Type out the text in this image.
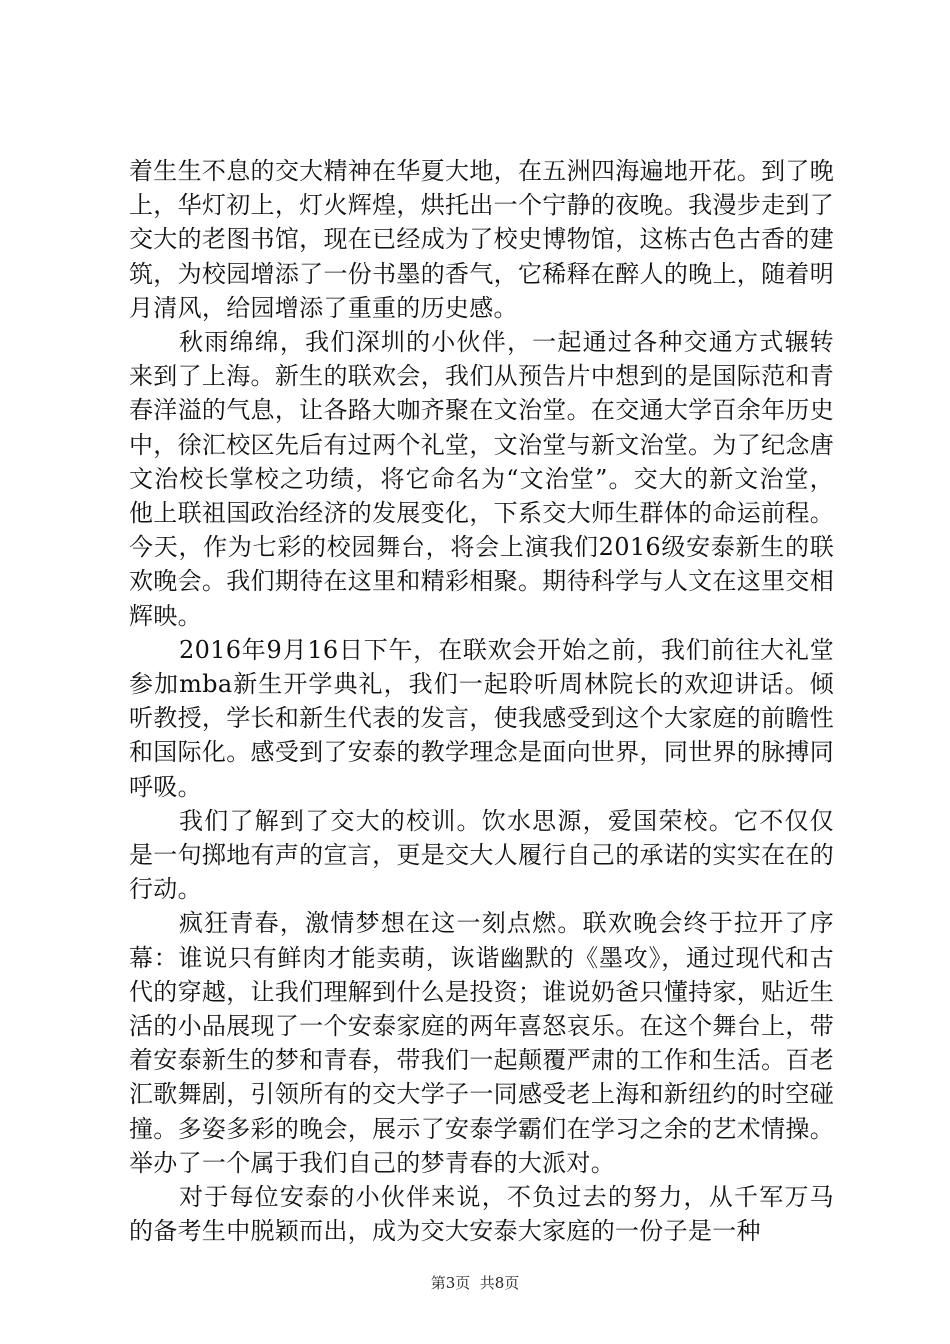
着生生不息的交大精神在华夏大地，在五洲四海遍地开花。到了晚上，华灯初上，灯火辉煌，烘托出一个宁静的夜晚。我漫步走到了交大的老图书馆，现在已经成为了校史博物馆，这栋古色古香的建筑，为校园增添了一份书墨的香气，它稀释在醉人的晚上，随着明月清风，给园增添了重重的历史感。

秋雨绵绵，我们深圳的小伙伴，一起通过各种交通方式辗转来到了上海。新生的联欢会，我们从预告片中想到的是国际范和青春洋溢的气息，让各路大咖齐聚在文治堂。在交通大学百余年历史中，徐汇校区先后有过两个礼堂，文治堂与新文治堂。为了纪念唐文治校长掌校之功绩，将它命名为“文治堂”。交大的新文治堂，他上联祖国政治经济的发展变化，下系交大师生群体的命运前程。今天，作为七彩的校园舞台，将会上演我们2016级安泰新生的联欢晚会。我们期待在这里和精彩相聚。期待科学与人文在这里交相辉映。

2016年9月16日下午，在联欢会开始之前，我们前往大礼堂参加mba新生开学典礼，我们一起聆听周林院长的欢迎讲话。倾听教授，学长和新生代表的发言，使我感受到这个大家庭的前瞻性和国际化。感受到了安泰的教学理念是面向世界，同世界的脉搏同呼吸。

我们了解到了交大的校训。饮水思源，爱国荣校。它不仅仅是一句掷地有声的宣言，更是交大人履行自己的承诺的实实在在的行动。

疯狂青春，激情梦想在这一刻点燃。联欢晚会终于拉开了序幕：谁说只有鲜肉才能卖萌，诙谐幽默的《墨攻》，通过现代和古代的穿越，让我们理解到什么是投资；谁说奶爸只懂持家，贴近生活的小品展现了一个安泰家庭的两年喜怒哀乐。在这个舞台上，带着安泰新生的梦和青春，带我们一起颠覆严肃的工作和生活。百老汇歌舞剧，引领所有的交大学子一同感受老上海和新纽约的时空碰撞。多姿多彩的晚会，展示了安泰学霸们在学习之余的艺术情操。举办了一个属于我们自己的梦青春的大派对。

对于每位安泰的小伙伴来说，不负过去的努力，从千军万马的备考生中脱颖而出，成为交大安泰大家庭的一份子是一种

第3页  共8页
